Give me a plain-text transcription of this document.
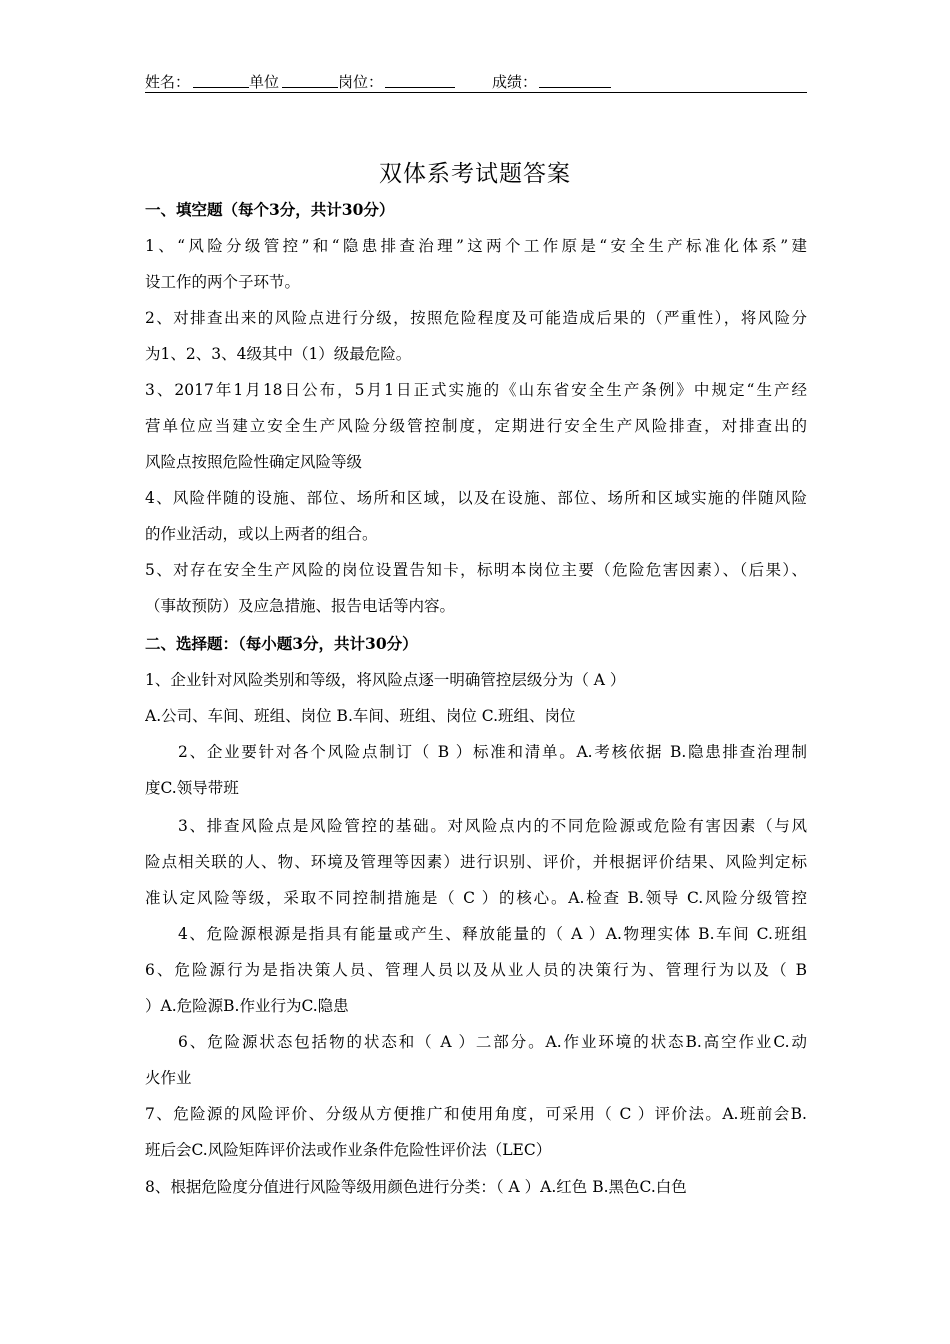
姓名：	单位	岗位：	成绩：
双体系考试题答案
一、填空题（每个3分，共计30分）
1、“风险分级管控”和“隐患排查治理”这两个工作原是“安全生产标准化体系”建
设工作的两个子环节。
2、对排查出来的风险点进行分级，按照危险程度及可能造成后果的（严重性），将风险分
为1、2、3、4级其中（1）级最危险。
3、2017年1月18日公布，5月1日正式实施的《山东省安全生产条例》中规定“生产经
营单位应当建立安全生产风险分级管控制度，定期进行安全生产风险排查，对排查出的
风险点按照危险性确定风险等级
4、风险伴随的设施、部位、场所和区域，以及在设施、部位、场所和区域实施的伴随风险
的作业活动，或以上两者的组合。
5、对存在安全生产风险的岗位设置告知卡，标明本岗位主要（危险危害因素）、（后果）、
（事故预防）及应急措施、报告电话等内容。
二、选择题：（每小题3分，共计30分）
1、企业针对风险类别和等级，将风险点逐一明确管控层级分为（ A ）
A.公司、车间、班组、岗位 B.车间、班组、岗位 C.班组、岗位
2、企业要针对各个风险点制订（ B ）标准和清单。A.考核依据 B.隐患排查治理制
度C.领导带班
3、排查风险点是风险管控的基础。对风险点内的不同危险源或危险有害因素（与风
险点相关联的人、物、环境及管理等因素）进行识别、评价，并根据评价结果、风险判定标
准认定风险等级，采取不同控制措施是（ C ）的核心。A.检查 B.领导 C.风险分级管控
4、危险源根源是指具有能量或产生、释放能量的（ A ）A.物理实体 B.车间 C.班组
6、危险源行为是指决策人员、管理人员以及从业人员的决策行为、管理行为以及（ B
）A.危险源B.作业行为C.隐患
6、危险源状态包括物的状态和（ A ）二部分。A.作业环境的状态B.高空作业C.动
火作业
7、危险源的风险评价、分级从方便推广和使用角度，可采用（ C ）评价法。A.班前会B.
班后会C.风险矩阵评价法或作业条件危险性评价法（LEC）
8、根据危险度分值进行风险等级用颜色进行分类：（ A ）A.红色 B.黑色C.白色
